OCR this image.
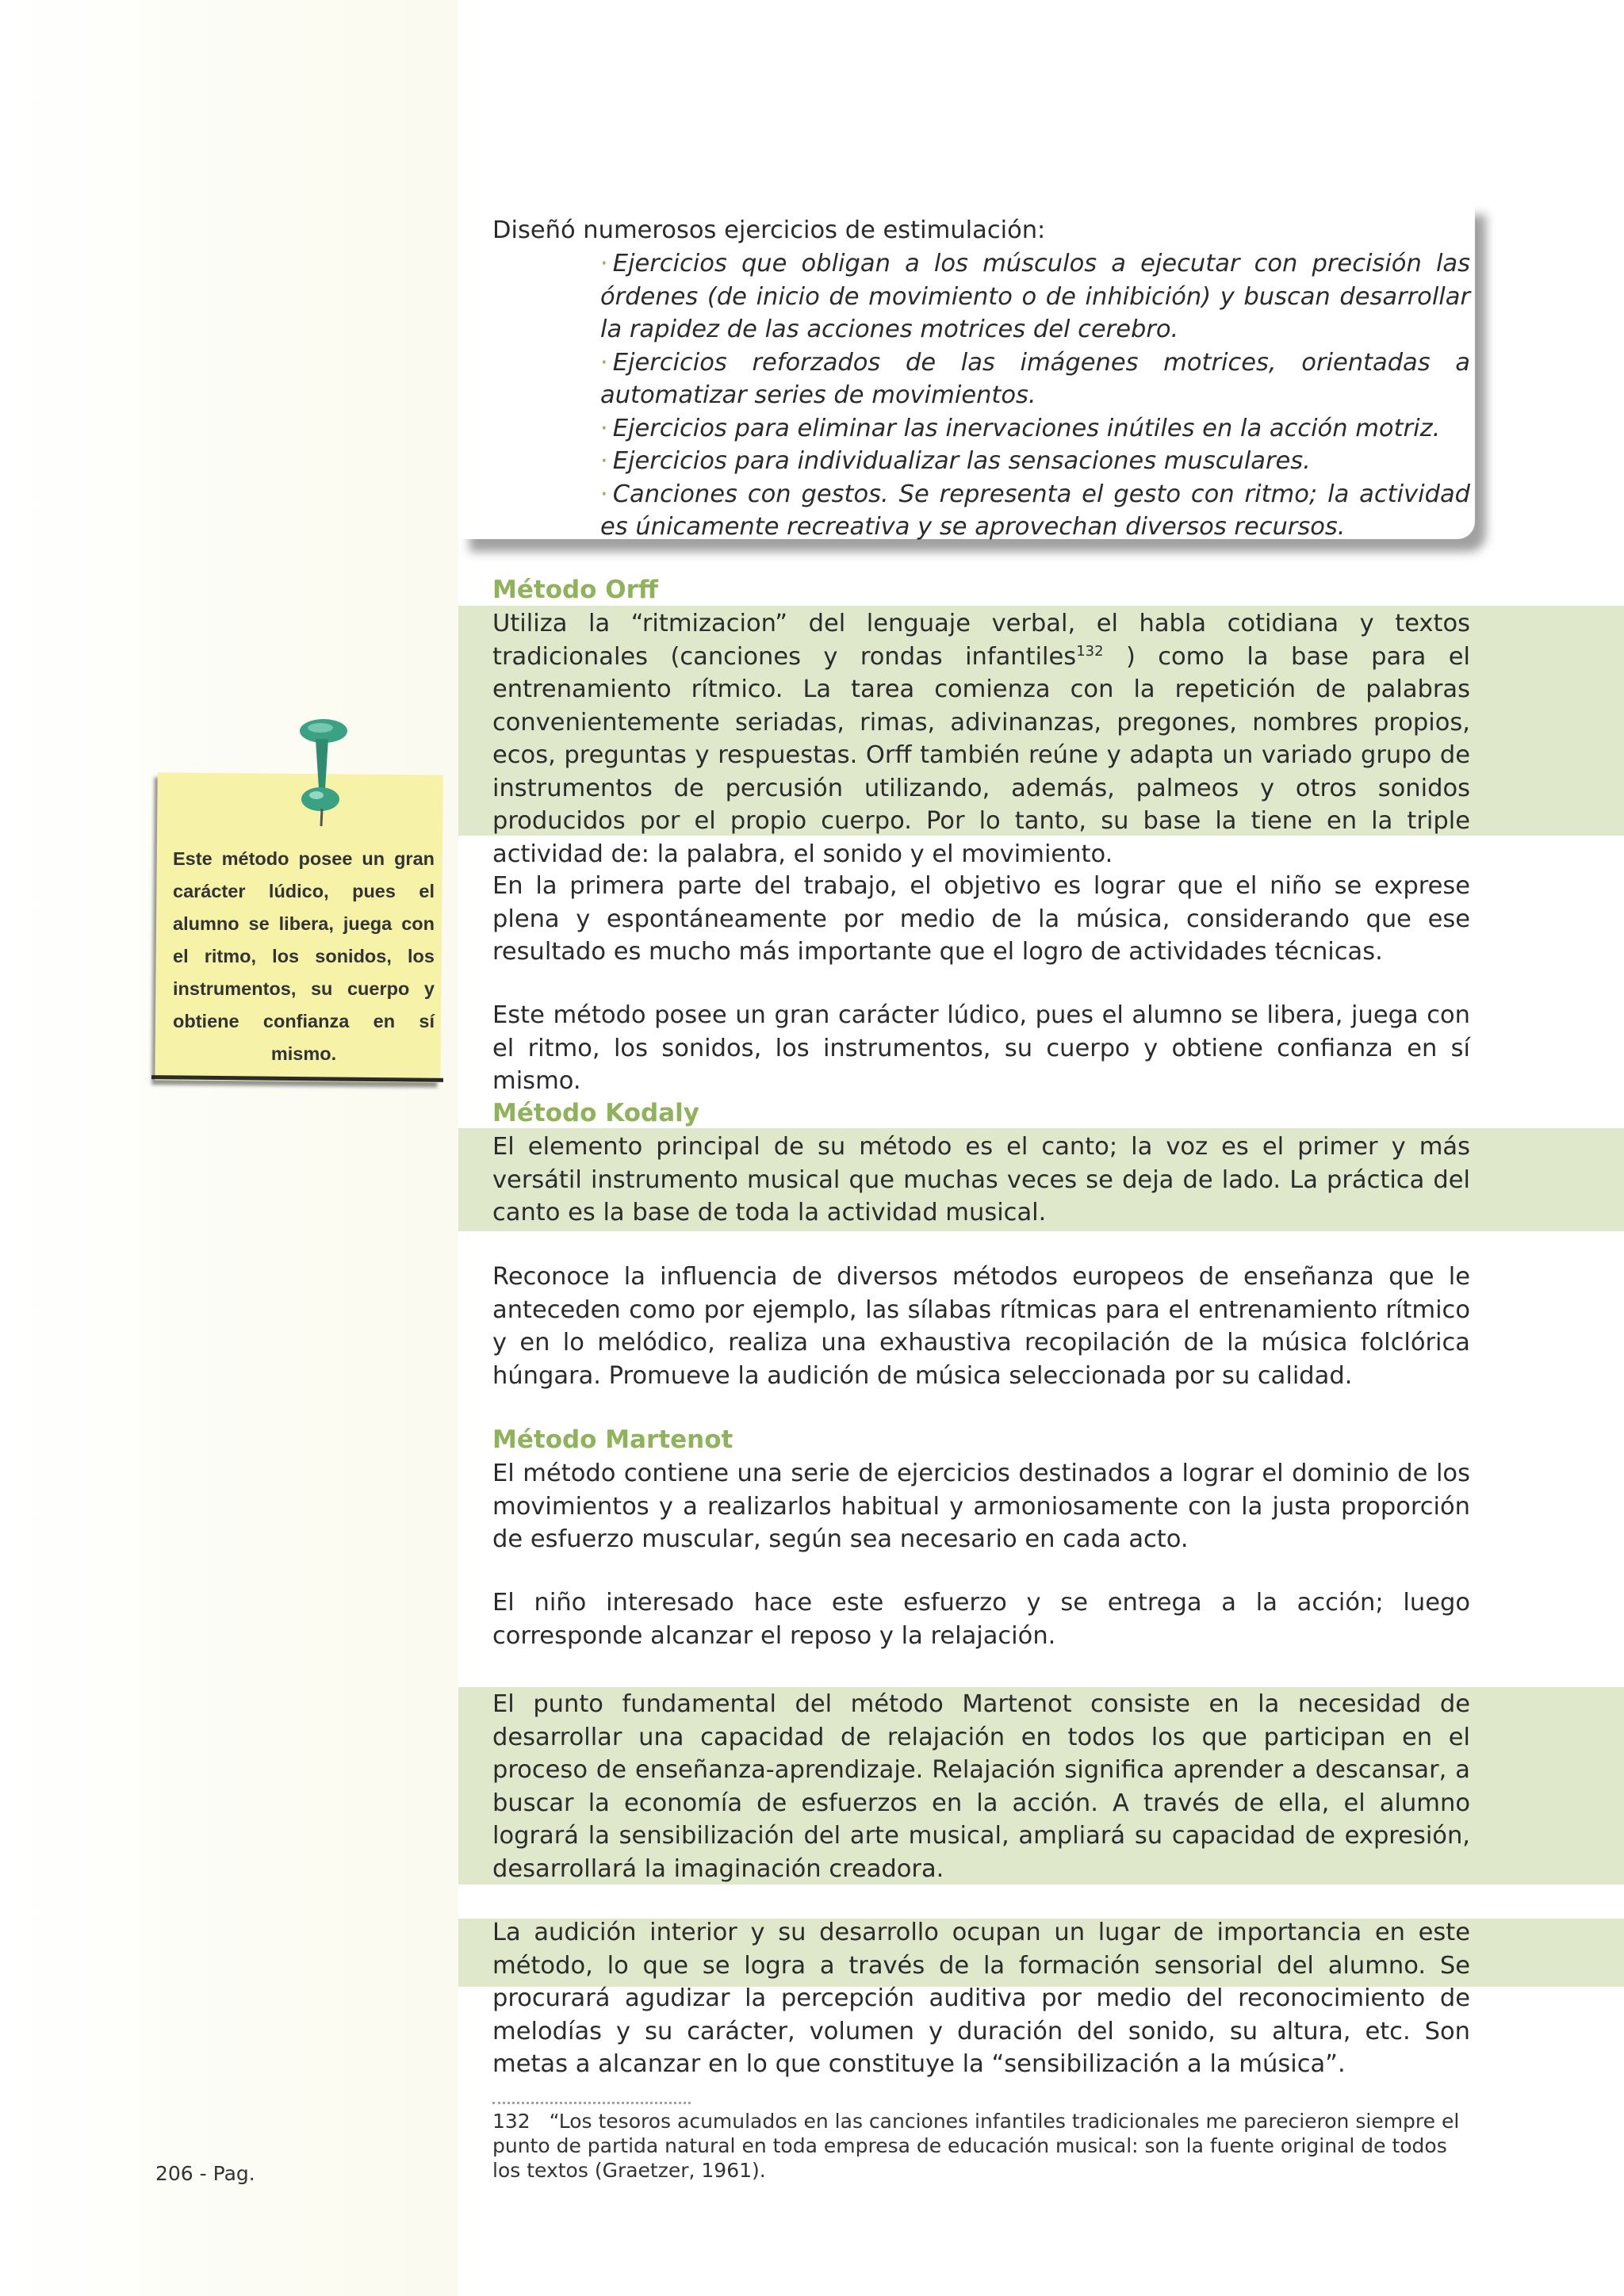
Diseñó numerosos ejercicios de estimulación:
· Ejercicios que obligan a los músculos a ejecutar con precisión las órdenes (de inicio de movimiento o de inhibición) y buscan desarrollar la rapidez de las acciones motrices del cerebro.
· Ejercicios reforzados de las imágenes motrices, orientadas a automatizar series de movimientos.
· Ejercicios para eliminar las inervaciones inútiles en la acción motriz.
· Ejercicios para individualizar las sensaciones musculares.
· Canciones con gestos. Se representa el gesto con ritmo; la actividad es únicamente recreativa y se aprovechan diversos recursos.
Método Orff
Utiliza la “ritmizacion” del lenguaje verbal, el habla cotidiana y textos tradicionales (canciones y rondas infantiles$^{132}$ ) como la base para el entrenamiento rítmico. La tarea comienza con la repetición de palabras convenientemente seriadas, rimas, adivinanzas, pregones, nombres propios, ecos, preguntas y respuestas. Orff también reúne y adapta un variado grupo de instrumentos de percusión utilizando, además, palmeos y otros sonidos producidos por el propio cuerpo. Por lo tanto, su base la tiene en la triple actividad de: la palabra, el sonido y el movimiento.
En la primera parte del trabajo, el objetivo es lograr que el niño se exprese plena y espontáneamente por medio de la música, considerando que ese resultado es mucho más importante que el logro de actividades técnicas.
Este método posee un gran carácter lúdico, pues el alumno se libera, juega con el ritmo, los sonidos, los instrumentos, su cuerpo y obtiene confianza en sí mismo.
Método Kodaly
El elemento principal de su método es el canto; la voz es el primer y más versátil instrumento musical que muchas veces se deja de lado. La práctica del canto es la base de toda la actividad musical.
Reconoce la influencia de diversos métodos europeos de enseñanza que le anteceden como por ejemplo, las sílabas rítmicas para el entrenamiento rítmico y en lo melódico, realiza una exhaustiva recopilación de la música folclórica húngara. Promueve la audición de música seleccionada por su calidad.
Método Martenot
El método contiene una serie de ejercicios destinados a lograr el dominio de los movimientos y a realizarlos habitual y armoniosamente con la justa proporción de esfuerzo muscular, según sea necesario en cada acto.
El niño interesado hace este esfuerzo y se entrega a la acción; luego corresponde alcanzar el reposo y la relajación.
El punto fundamental del método Martenot consiste en la necesidad de desarrollar una capacidad de relajación en todos los que participan en el proceso de enseñanza-aprendizaje. Relajación significa aprender a descansar, a buscar la economía de esfuerzos en la acción. A través de ella, el alumno logrará la sensibilización del arte musical, ampliará su capacidad de expresión, desarrollará la imaginación creadora.
La audición interior y su desarrollo ocupan un lugar de importancia en este método, lo que se logra a través de la formación sensorial del alumno. Se procurará agudizar la percepción auditiva por medio del reconocimiento de melodías y su carácter, volumen y duración del sonido, su altura, etc. Son metas a alcanzar en lo que constituye la “sensibilización a la música”.
Este método posee un gran carácter lúdico, pues el alumno se libera, juega con el ritmo, los sonidos, los instrumentos, su cuerpo y obtiene confianza en sí mismo.
132 “Los tesoros acumulados en las canciones infantiles tradicionales me parecieron siempre el punto de partida natural en toda empresa de educación musical: son la fuente original de todos los textos (Graetzer, 1961).
206 - Pag.
